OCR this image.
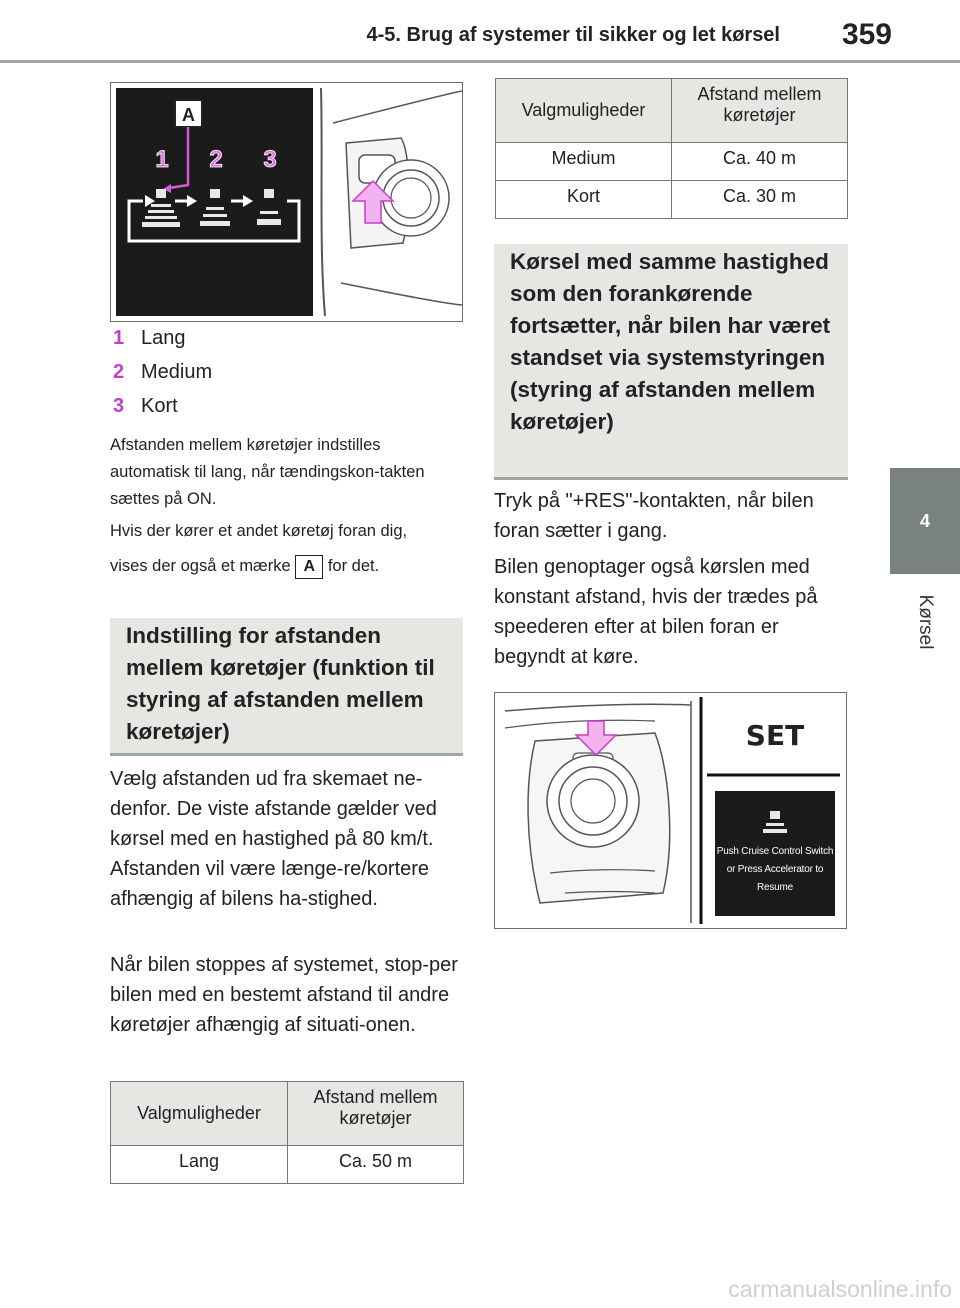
4-5. Brug af systemer til sikker og let kørsel	359
4
Kørsel
A
1 2 3
1 Lang
2 Medium
3 Kort
Afstanden mellem køretøjer indstilles automatisk til lang, når tændingskon-takten sættes på ON.
Hvis der kører et andet køretøj foran dig,
vises der også et mærke A for det.
Indstilling for afstanden mellem køretøjer (funktion til styring af afstanden mellem køretøjer)
Vælg afstanden ud fra skemaet ne-denfor. De viste afstande gælder ved kørsel med en hastighed på 80 km/t. Afstanden vil være længe-re/kortere afhængig af bilens ha-stighed.
Når bilen stoppes af systemet, stop-per bilen med en bestemt afstand til andre køretøjer afhængig af situati-onen.
Valgmuligheder	Afstand mellem køretøjer
Lang	Ca. 50 m
Valgmuligheder	Afstand mellem køretøjer
Medium	Ca. 40 m
Kort	Ca. 30 m
Kørsel med samme hastighed som den forankørende fortsætter, når bilen har været standset via systemstyringen (styring af afstanden mellem køretøjer)
Tryk på "+RES"-kontakten, når bilen foran sætter i gang.
Bilen genoptager også kørslen med konstant afstand, hvis der trædes på speederen efter at bilen foran er begyndt at køre.
SET
Push Cruise Control Switch or Press Accelerator to Resume
carmanualsonline.info
